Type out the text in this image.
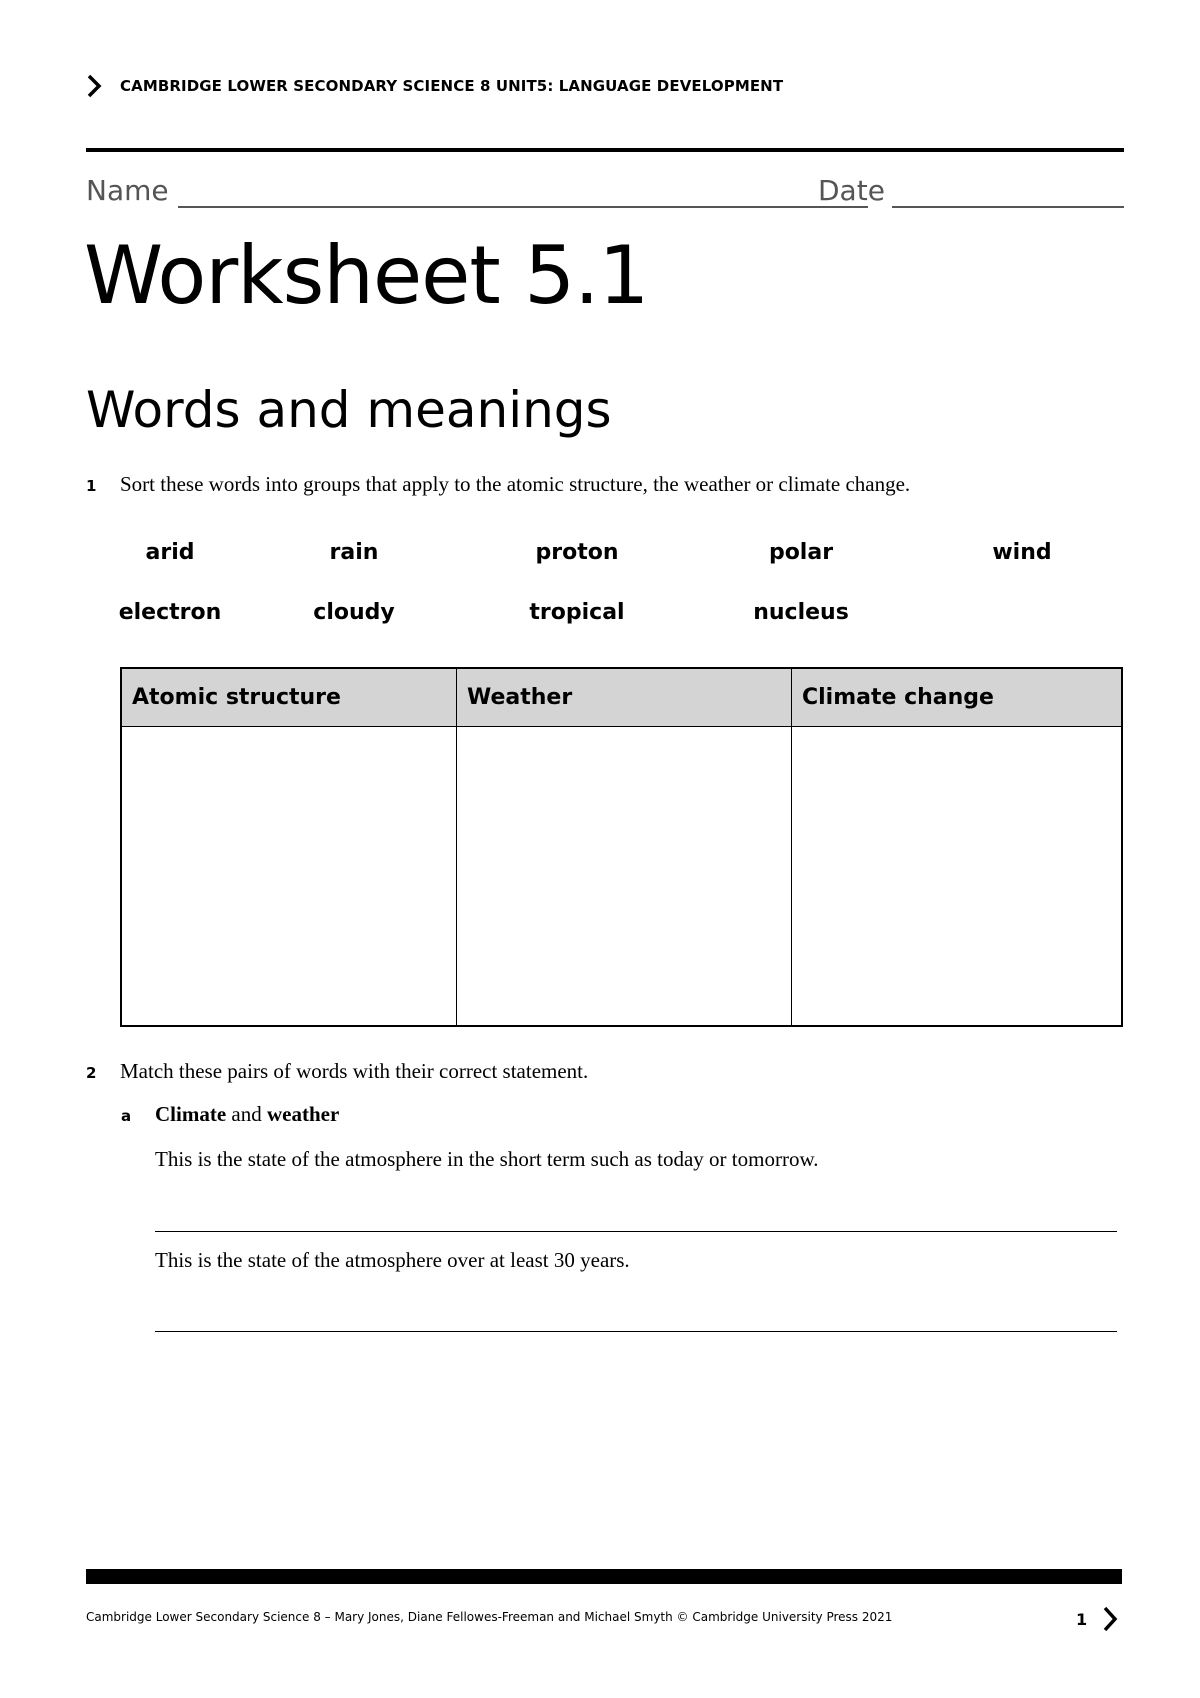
CAMBRIDGE LOWER SECONDARY SCIENCE 8 UNIT5: LANGUAGE DEVELOPMENT
Name	Date
Worksheet 5.1
Words and meanings
1 Sort these words into groups that apply to the atomic structure, the weather or climate change.
arid	rain	proton	polar	wind
electron	cloudy	tropical	nucleus
Atomic structure	Weather	Climate change

2 Match these pairs of words with their correct statement.
a Climate and weather
This is the state of the atmosphere in the short term such as today or tomorrow.
This is the state of the atmosphere over at least 30 years.
Cambridge Lower Secondary Science 8 – Mary Jones, Diane Fellowes-Freeman and Michael Smyth © Cambridge University Press 2021	1
